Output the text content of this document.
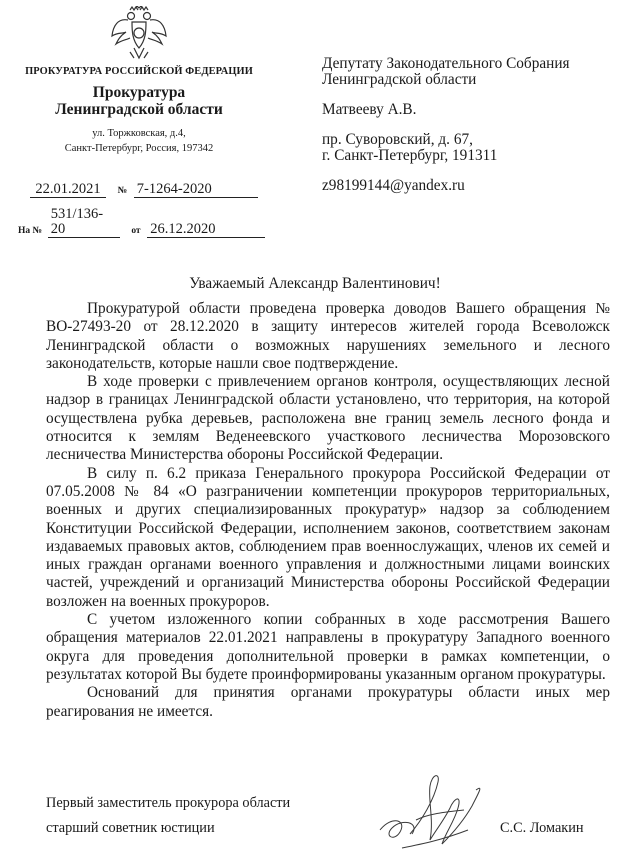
ПРОКУРАТУРА РОССИЙСКОЙ ФЕДЕРАЦИИ
Прокуратура
Ленинградской области
ул. Торжковская, д.4,
Санкт-Петербург, Россия, 197342
22.01.2021 № 7-1264-2020
На № 531/136-20	от 26.12.2020

Депутату Законодательного Собрания

Ленинградской области

Матвееву А.В.

пр. Суворовский, д. 67,

г. Санкт-Петербург, 191311

z98199144@yandex.ru

Уважаемый Александр Валентинович!

Прокуратурой области проведена проверка доводов Вашего обращения № ВО-27493-20 от 28.12.2020 в защиту интересов жителей города Всеволожск Ленинградской области о возможных нарушениях земельного и лесного законодательств, которые нашли свое подтверждение.

В ходе проверки с привлечением органов контроля, осуществляющих лесной надзор в границах Ленинградской области установлено, что территория, на которой осуществлена рубка деревьев, расположена вне границ земель лесного фонда и относится к землям Веденеевского участкового лесничества Морозовского лесничества Министерства обороны Российской Федерации.

В силу п. 6.2 приказа Генерального прокурора Российской Федерации от 07.05.2008 № 84 «О разграничении компетенции прокуроров территориальных, военных и других специализированных прокуратур» надзор за соблюдением Конституции Российской Федерации, исполнением законов, соответствием законам издаваемых правовых актов, соблюдением прав военнослужащих, членов их семей и иных граждан органами военного управления и должностными лицами воинских частей, учреждений и организаций Министерства обороны Российской Федерации возложен на военных прокуроров.

С учетом изложенного копии собранных в ходе рассмотрения Вашего обращения материалов 22.01.2021 направлены в прокуратуру Западного военного округа для проведения дополнительной проверки в рамках компетенции, о результатах которой Вы будете проинформированы указанным органом прокуратуры.

Оснований для принятия органами прокуратуры области иных мер реагирования не имеется.

Первый заместитель прокурора области
старший советник юстиции	С.С. Ломакин
